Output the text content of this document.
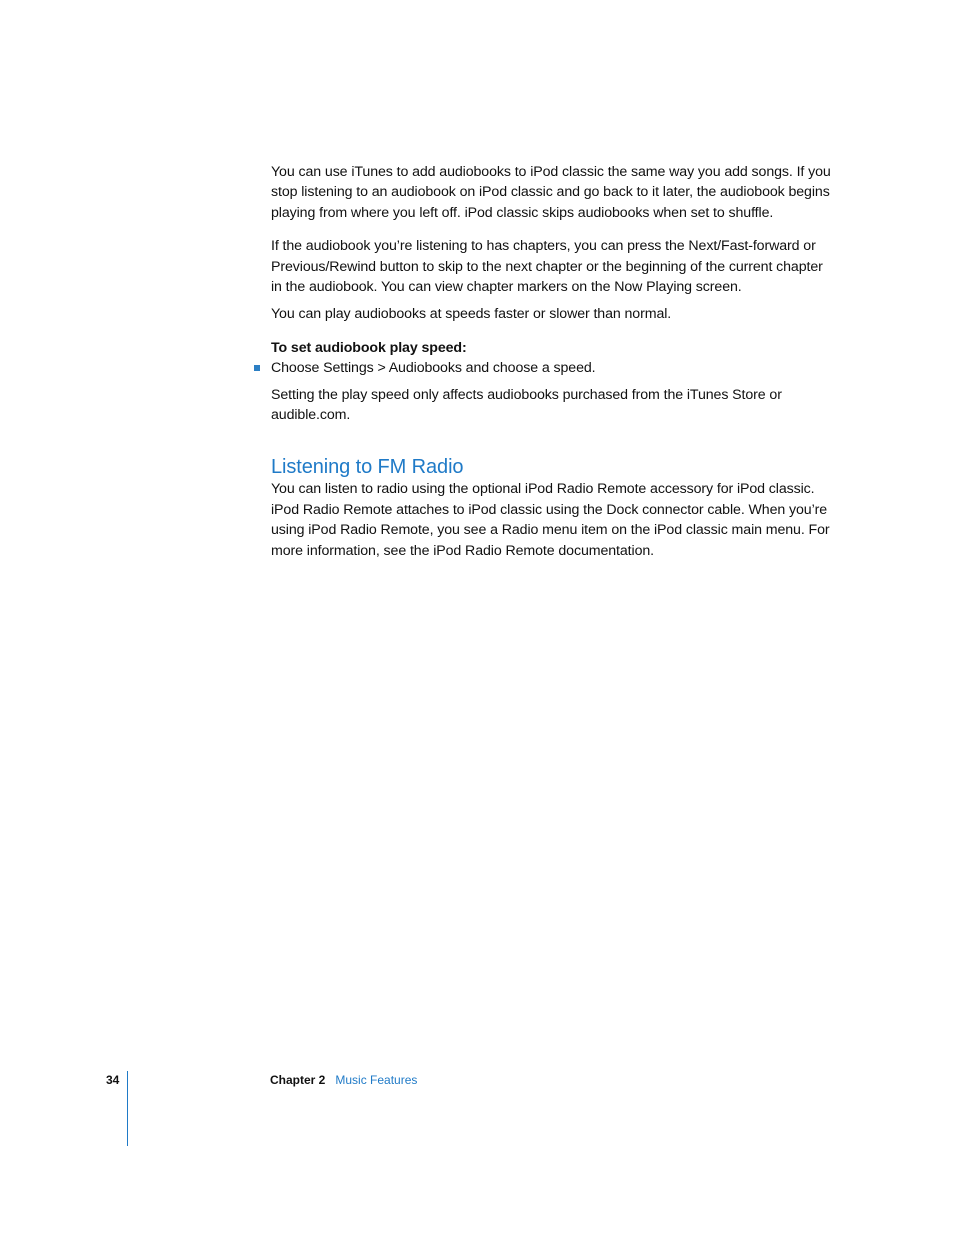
You can use iTunes to add audiobooks to iPod classic the same way you add songs. If you stop listening to an audiobook on iPod classic and go back to it later, the audiobook begins playing from where you left off. iPod classic skips audiobooks when set to shuffle.

If the audiobook you’re listening to has chapters, you can press the Next/Fast-forward or Previous/Rewind button to skip to the next chapter or the beginning of the current chapter in the audiobook. You can view chapter markers on the Now Playing screen.

You can play audiobooks at speeds faster or slower than normal.

To set audiobook play speed:

Choose Settings > Audiobooks and choose a speed.

Setting the play speed only affects audiobooks purchased from the iTunes Store or audible.com.

Listening to FM Radio

You can listen to radio using the optional iPod Radio Remote accessory for iPod classic. iPod Radio Remote attaches to iPod classic using the Dock connector cable. When you’re using iPod Radio Remote, you see a Radio menu item on the iPod classic main menu. For more information, see the iPod Radio Remote documentation.

34	Chapter 2 Music Features
